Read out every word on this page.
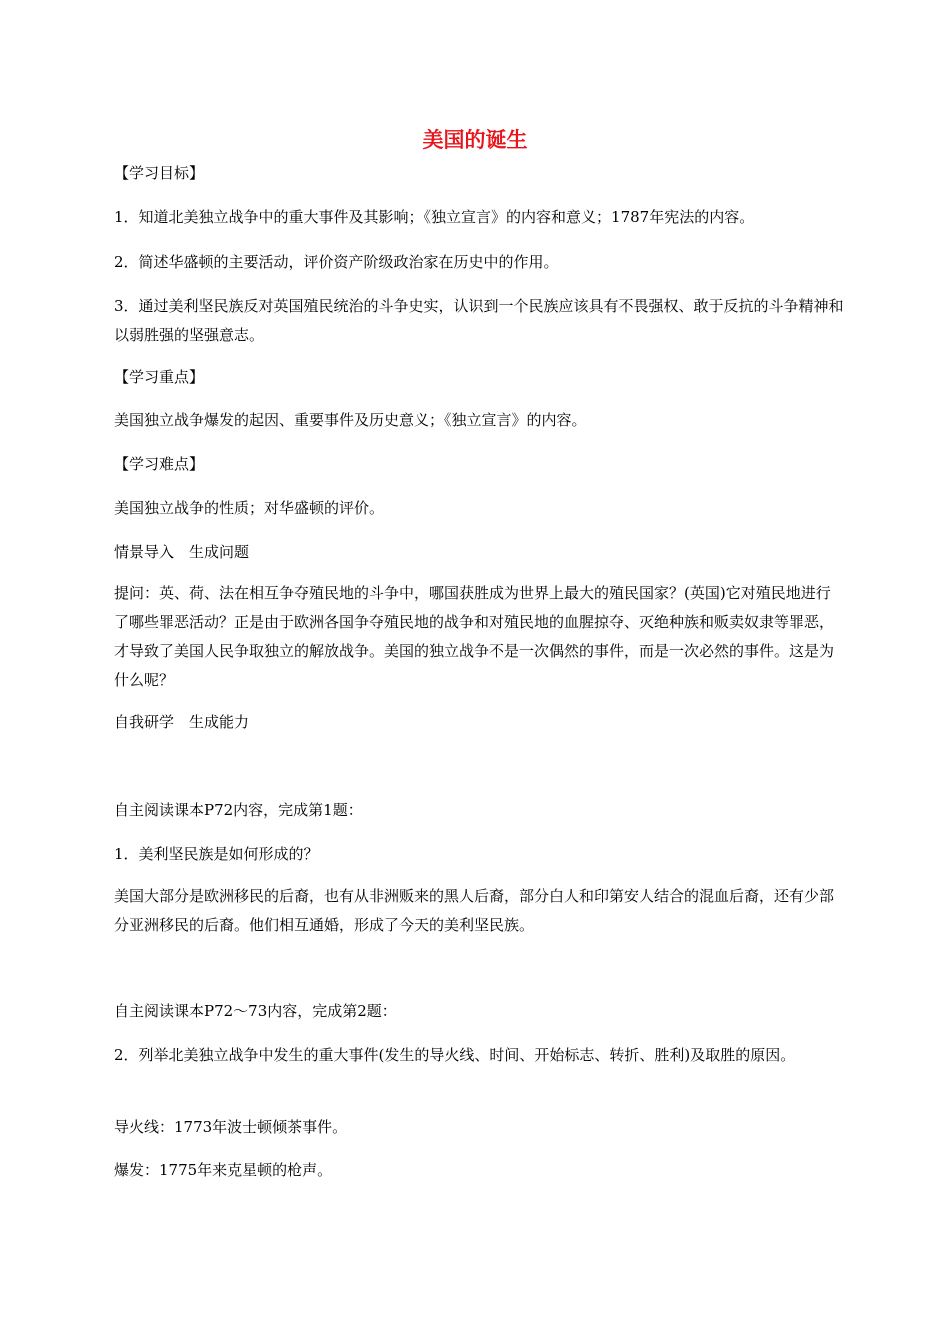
美国的诞生
【学习目标】
1．知道北美独立战争中的重大事件及其影响；《独立宣言》的内容和意义；1787年宪法的内容。
2．简述华盛顿的主要活动，评价资产阶级政治家在历史中的作用。
3．通过美利坚民族反对英国殖民统治的斗争史实，认识到一个民族应该具有不畏强权、敢于反抗的斗争精神和以弱胜强的坚强意志。
【学习重点】
美国独立战争爆发的起因、重要事件及历史意义；《独立宣言》的内容。
【学习难点】
美国独立战争的性质；对华盛顿的评价。
情景导入　生成问题
提问：英、荷、法在相互争夺殖民地的斗争中，哪国获胜成为世界上最大的殖民国家？(英国)它对殖民地进行了哪些罪恶活动？正是由于欧洲各国争夺殖民地的战争和对殖民地的血腥掠夺、灭绝种族和贩卖奴隶等罪恶，才导致了美国人民争取独立的解放战争。美国的独立战争不是一次偶然的事件，而是一次必然的事件。这是为什么呢？
自我研学　生成能力
自主阅读课本P72内容，完成第1题：
1．美利坚民族是如何形成的？
美国大部分是欧洲移民的后裔，也有从非洲贩来的黑人后裔，部分白人和印第安人结合的混血后裔，还有少部分亚洲移民的后裔。他们相互通婚，形成了今天的美利坚民族。
自主阅读课本P72～73内容，完成第2题：
2．列举北美独立战争中发生的重大事件(发生的导火线、时间、开始标志、转折、胜利)及取胜的原因。
导火线：1773年波士顿倾茶事件。
爆发：1775年来克星顿的枪声。
